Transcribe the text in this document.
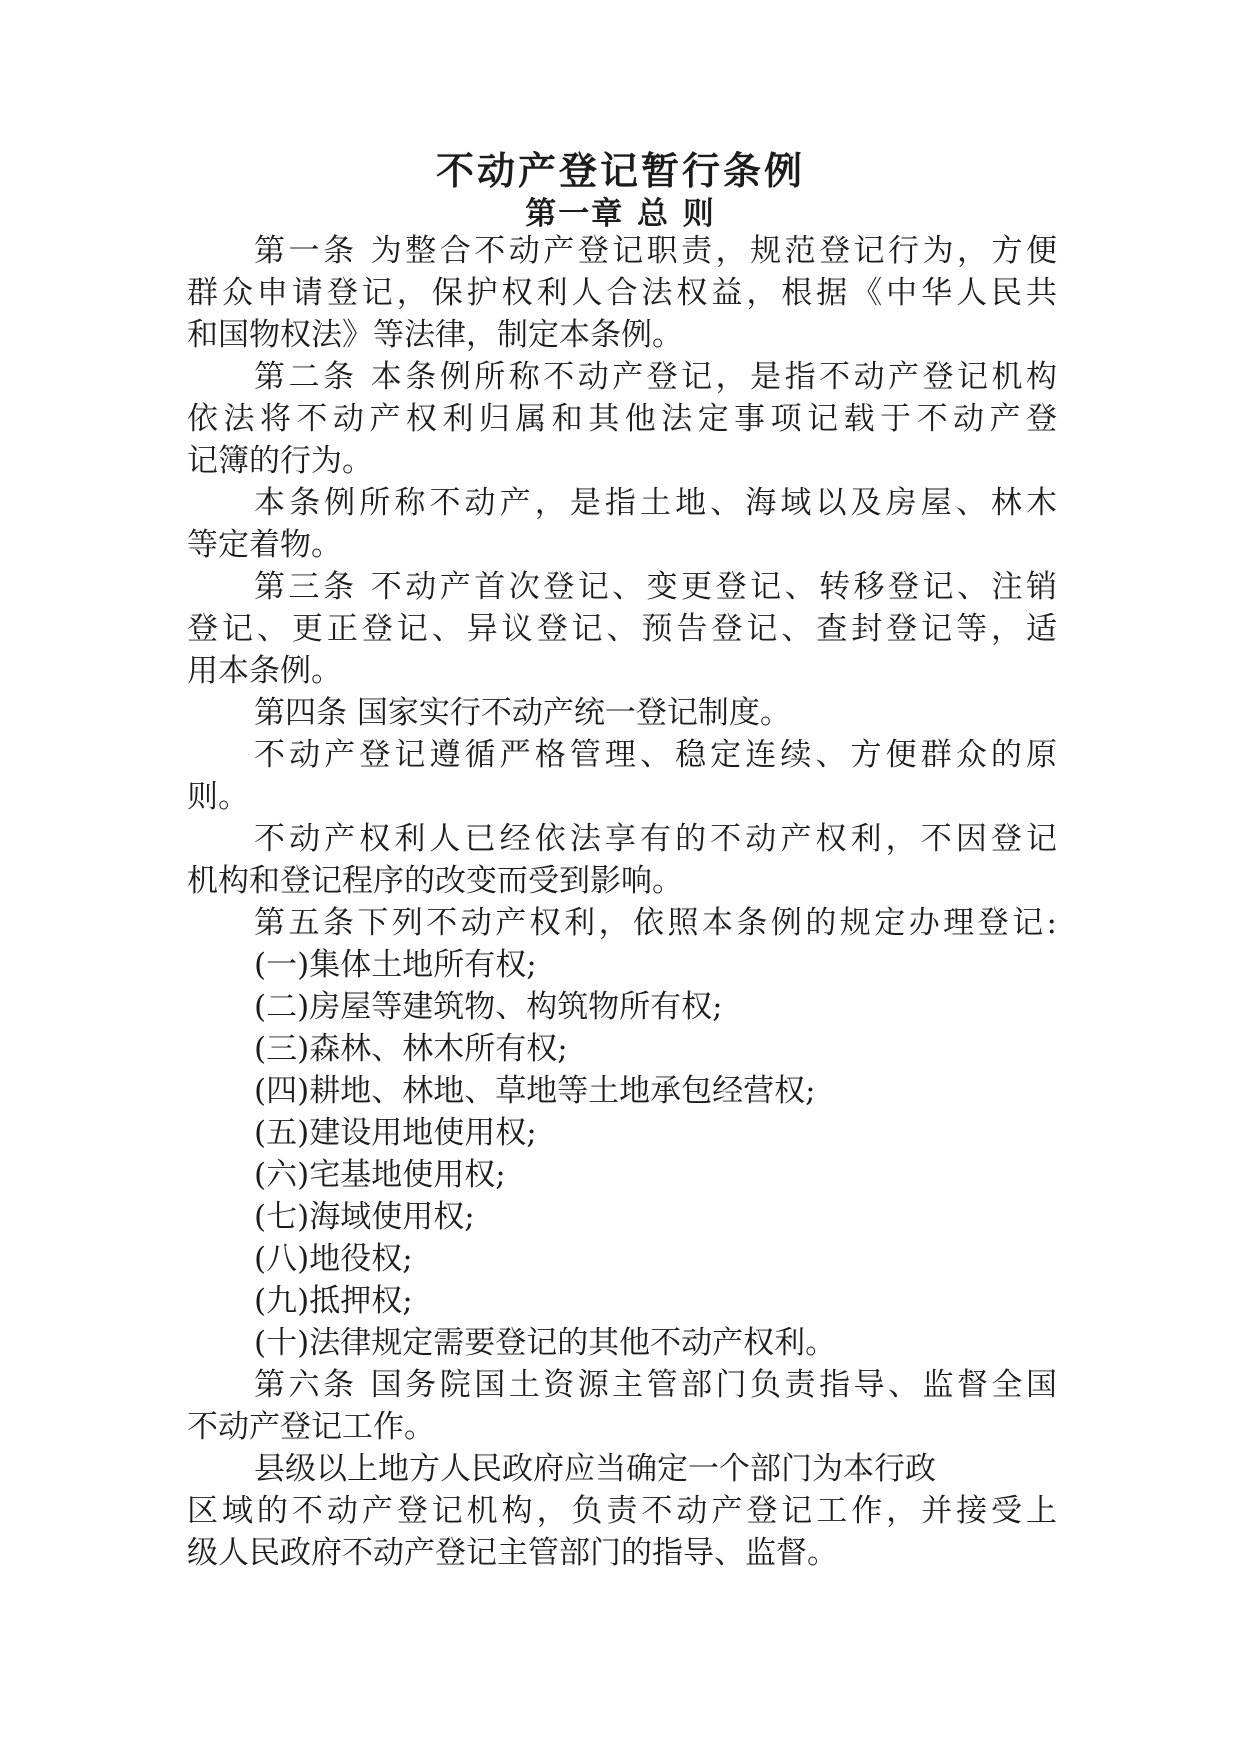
不动产登记暂行条例
第一章 总 则
第一条 为整合不动产登记职责，规范登记行为，方便
群众申请登记，保护权利人合法权益，根据《中华人民共
和国物权法》等法律，制定本条例。
第二条 本条例所称不动产登记，是指不动产登记机构
依法将不动产权利归属和其他法定事项记载于不动产登
记簿的行为。
本条例所称不动产，是指土地、海域以及房屋、林木
等定着物。
第三条 不动产首次登记、变更登记、转移登记、注销
登记、更正登记、异议登记、预告登记、查封登记等，适
用本条例。
第四条 国家实行不动产统一登记制度。
不动产登记遵循严格管理、稳定连续、方便群众的原
则。
不动产权利人已经依法享有的不动产权利，不因登记
机构和登记程序的改变而受到影响。
第五条下列不动产权利，依照本条例的规定办理登记:
(一)集体土地所有权;
(二)房屋等建筑物、构筑物所有权;
(三)森林、林木所有权;
(四)耕地、林地、草地等土地承包经营权;
(五)建设用地使用权;
(六)宅基地使用权;
(七)海域使用权;
(八)地役权;
(九)抵押权;
(十)法律规定需要登记的其他不动产权利。
第六条 国务院国土资源主管部门负责指导、监督全国
不动产登记工作。
县级以上地方人民政府应当确定一个部门为本行政
区域的不动产登记机构，负责不动产登记工作，并接受上
级人民政府不动产登记主管部门的指导、监督。
